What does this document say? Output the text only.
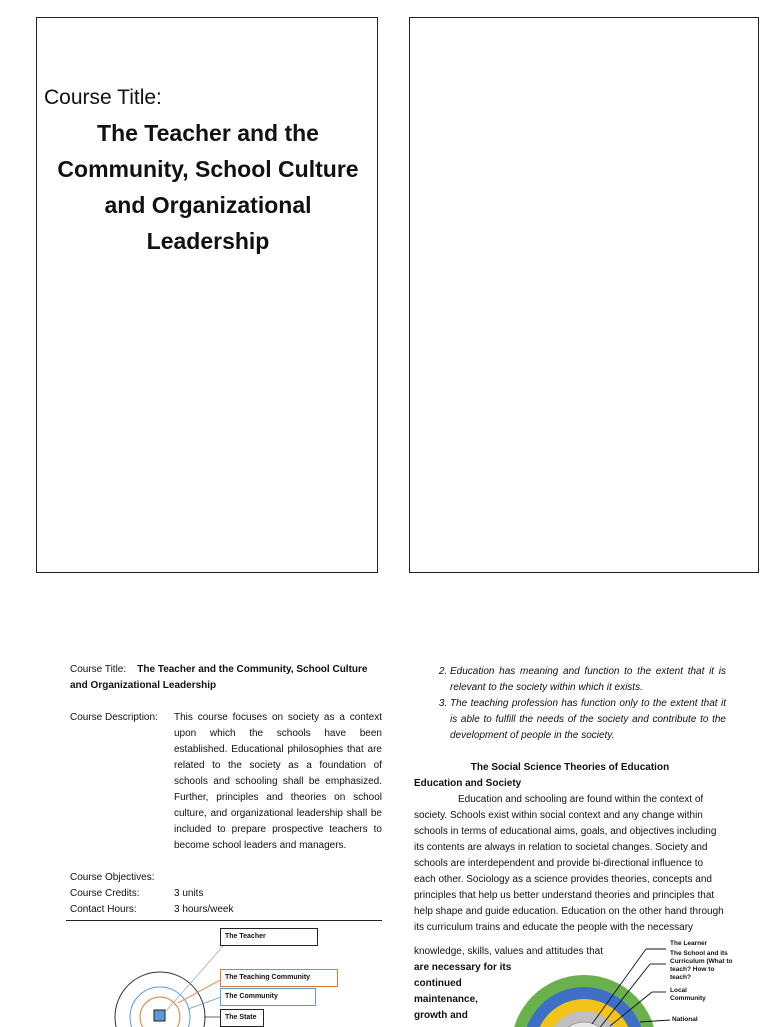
Course Title:
The Teacher and the Community, School Culture and Organizational Leadership
Course Title: The Teacher and the Community, School Culture and Organizational Leadership
Course Description:	This course focuses on society as a context upon which the schools have been established. Educational philosophies that are related to the society as a foundation of schools and schooling shall be emphasized. Further, principles and theories on school culture, and organizational leadership shall be included to prepare prospective teachers to become school leaders and managers.
Course Objectives:
Course Credits:	3 units
Contact Hours:	3 hours/week
The Teacher
The Teaching Community
The Community
The State
2. Education has meaning and function to the extent that it is relevant to the society within which it exists.
3. The teaching profession has function only to the extent that it is able to fulfill the needs of the society and contribute to the development of people in the society.
The Social Science Theories of Education
Education and Society
Education and schooling are found within the context of society. Schools exist within social context and any change within schools in terms of educational aims, goals, and objectives including its contents are always in relation to societal changes. Society and schools are interdependent and provide bi-directional influence to each other. Sociology as a science provides theories, concepts and principles that help us better understand theories and principles that help shape and guide education. Education on the other hand through its curriculum trains and educate the people with the necessary
knowledge, skills, values and attitudes that
are necessary for its
continued
maintenance,
growth and
The Learner
The School and its Curriculum (What to teach? How to teach?
Local Community
National
